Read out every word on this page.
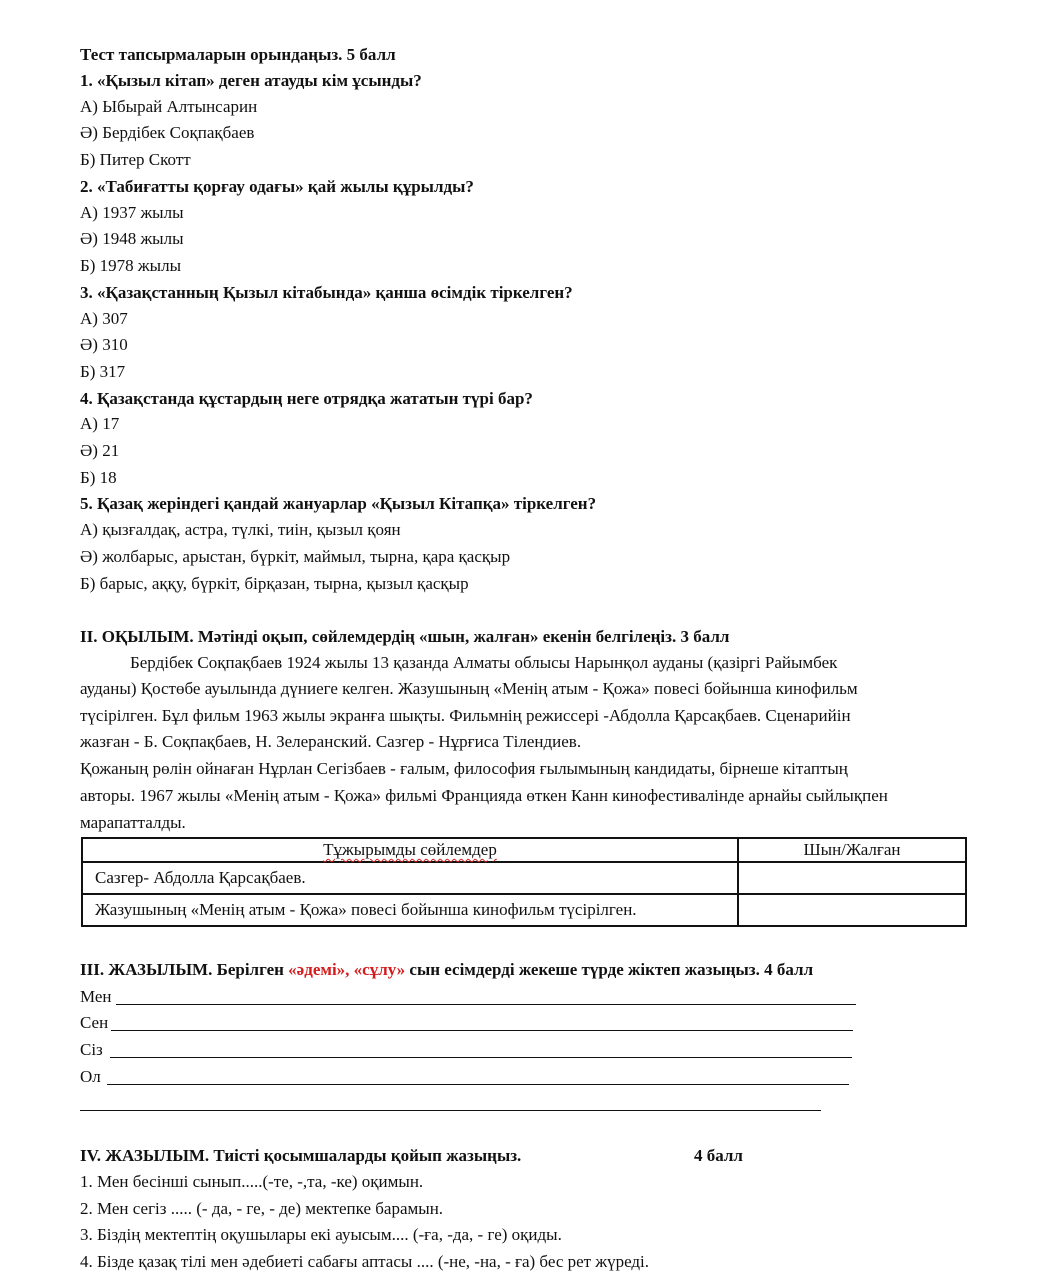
Тест тапсырмаларын орындаңыз. 5 балл
1. «Қызыл кітап» деген атауды кім ұсынды?
А) Ыбырай Алтынсарин
Ә) Бердібек Соқпақбаев
Б) Питер Скотт
2. «Табиғатты қорғау одағы» қай жылы құрылды?
А) 1937 жылы
Ә) 1948 жылы
Б) 1978 жылы
3. «Қазақстанның Қызыл кітабында» қанша өсімдік тіркелген?
А) 307
Ә) 310
Б) 317
4. Қазақстанда құстардың неге отрядқа жататын түрі бар?
А) 17
Ә) 21
Б) 18
5. Қазақ жеріндегі қандай жануарлар «Қызыл Кітапқа» тіркелген?
А) қызғалдақ, астра, түлкі, тиін, қызыл қоян
Ә) жолбарыс, арыстан, бүркіт, маймыл, тырна, қара қасқыр
Б) барыс, аққу, бүркіт, бірқазан, тырна, қызыл қасқыр
II. ОҚЫЛЫМ. Мәтінді оқып, сөйлемдердің «шын, жалған» екенін белгілеңіз. 3 балл
Бердібек Соқпақбаев 1924 жылы 13 қазанда Алматы облысы Нарынқол ауданы (қазіргі Райымбек
ауданы) Қостөбе ауылында дүниеге келген. Жазушының «Менің атым - Қожа» повесі бойынша кинофильм
түсірілген. Бұл фильм 1963 жылы экранға шықты. Фильмнің режиссері -Абдолла Қарсақбаев. Сценарийін
жазған - Б. Соқпақбаев, Н. Зелеранский. Сазгер - Нұрғиса Тілендиев.
Қожаның рөлін ойнаған Нұрлан Сегізбаев - ғалым, философия ғылымының кандидаты, бірнеше кітаптың
авторы. 1967 жылы «Менің атым - Қожа» фильмі Францияда өткен Канн кинофестивалінде арнайы сыйлықпен
марапатталды.
Тұжырымды сөйлемдер	Шын/Жалған
Сазгер- Абдолла Қарсақбаев.	
Жазушының «Менің атым - Қожа» повесі бойынша кинофильм түсірілген.	
III. ЖАЗЫЛЫМ. Берілген «әдемі», «сұлу» сын есімдерді жекеше түрде жіктеп жазыңыз. 4 балл
Мен
Сен
Сіз
Ол
IV. ЖАЗЫЛЫМ. Тиісті қосымшаларды қойып жазыңыз.	4 балл
1. Мен бесінші сынып.....(-те, -,та, -ке) оқимын.
2. Мен сегіз ..... (- да, - ге, - де) мектепке барамын.
3. Біздің мектептің оқушылары екі ауысым.... (-ға, -да, - ге) оқиды.
4. Бізде қазақ тілі мен әдебиеті сабағы аптасы .... (-не, -на, - ға) бес рет жүреді.
